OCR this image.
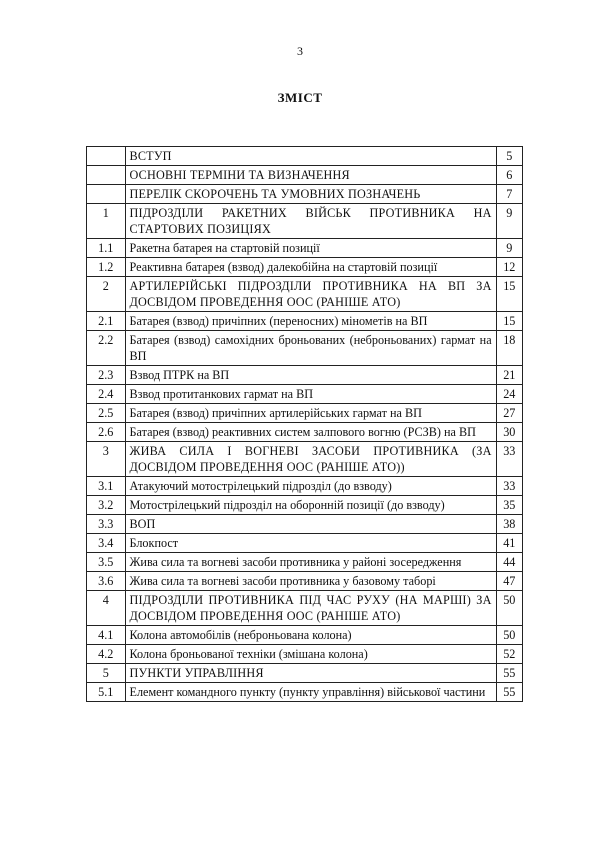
3
ЗМІСТ
	ВСТУП	5
	ОСНОВНІ ТЕРМІНИ ТА ВИЗНАЧЕННЯ	6
	ПЕРЕЛІК СКОРОЧЕНЬ ТА УМОВНИХ ПОЗНАЧЕНЬ	7
1	ПІДРОЗДІЛИ РАКЕТНИХ ВІЙСЬК ПРОТИВНИКА НА СТАРТОВИХ ПОЗИЦІЯХ	9
1.1	Ракетна батарея на стартовій позиції	9
1.2	Реактивна батарея (взвод) далекобійна на стартовій позиції	12
2	АРТИЛЕРІЙСЬКІ ПІДРОЗДІЛИ ПРОТИВНИКА НА ВП ЗА ДОСВІДОМ ПРОВЕДЕННЯ ООС (РАНІШЕ АТО)	15
2.1	Батарея (взвод) причіпних (переносних) мінометів на ВП	15
2.2	Батарея (взвод) самохідних броньованих (неброньованих) гармат на ВП	18
2.3	Взвод ПТРК на ВП	21
2.4	Взвод протитанкових гармат на ВП	24
2.5	Батарея (взвод) причіпних артилерійських гармат на ВП	27
2.6	Батарея (взвод) реактивних систем залпового вогню (РСЗВ) на ВП	30
3	ЖИВА СИЛА І ВОГНЕВІ ЗАСОБИ ПРОТИВНИКА (ЗА ДОСВІДОМ ПРОВЕДЕННЯ ООС (РАНІШЕ АТО))	33
3.1	Атакуючий мотострілецький підрозділ (до взводу)	33
3.2	Мотострілецький підрозділ на оборонній позиції (до взводу)	35
3.3	ВОП	38
3.4	Блокпост	41
3.5	Жива сила та вогневі засоби противника у районі зосередження	44
3.6	Жива сила та вогневі засоби противника у базовому таборі	47
4	ПІДРОЗДІЛИ ПРОТИВНИКА ПІД ЧАС РУХУ (НА МАРШІ) ЗА ДОСВІДОМ ПРОВЕДЕННЯ ООС (РАНІШЕ АТО)	50
4.1	Колона автомобілів (неброньована колона)	50
4.2	Колона броньованої техніки (змішана колона)	52
5	ПУНКТИ УПРАВЛІННЯ	55
5.1	Елемент командного пункту (пункту управління) військової частини	55
